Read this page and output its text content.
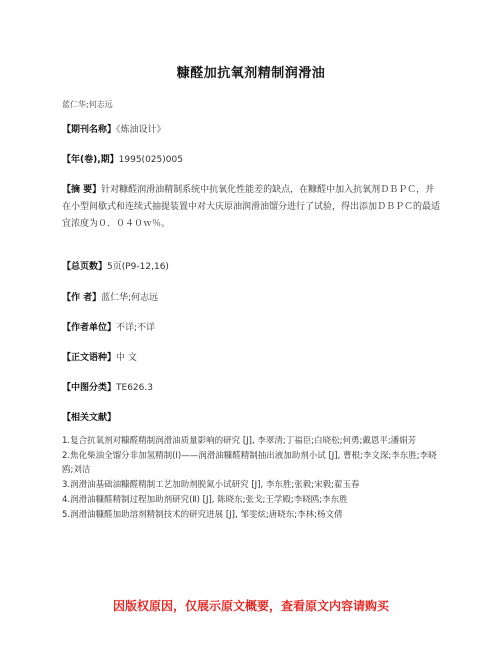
糠醛加抗氧剂精制润滑油
蓝仁华;何志远
【期刊名称】《炼油设计》
【年(卷),期】1995(025)005
【摘 要】针对糠醛润滑油精制系统中抗氧化性能差的缺点，在糠醛中加入抗氧剂ＤＢＰＣ，并在小型间歇式和连续式抽提装置中对大庆原油润滑油馏分进行了试验，得出添加ＤＢＰＣ的最适宜浓度为０．０４０ｗ％。
【总页数】5页(P9-12,16)
【作 者】蓝仁华;何志远
【作者单位】不详;不详
【正文语种】中 文
【中图分类】TE626.3
【相关文献】
1.复合抗氧剂对糠醛精制润滑油质量影响的研究 [J], 李翠清;丁福臣;白晓松;何勇;戴恩平;潘娟芳
2.焦化柴油全馏分非加氢精制(Ⅰ)——润滑油糠醛精制抽出液加助剂小试 [J], 曹根;李文深;李东胜;李晓鸥;刘洁
3.润滑油基础油糠醛精制工艺加助剂脱氮小试研究 [J], 李东胜;张毅;宋毅;翟玉春
4.润滑油糠醛精制过程加助剂研究(Ⅱ) [J], 陈晓东;张戈;王学殿;李晓鸥;李东胜
5.润滑油糠醛加助溶剂精制技术的研究进展 [J], 邹雯炫;唐晓东;李林;杨文倩
因版权原因，仅展示原文概要，查看原文内容请购买
